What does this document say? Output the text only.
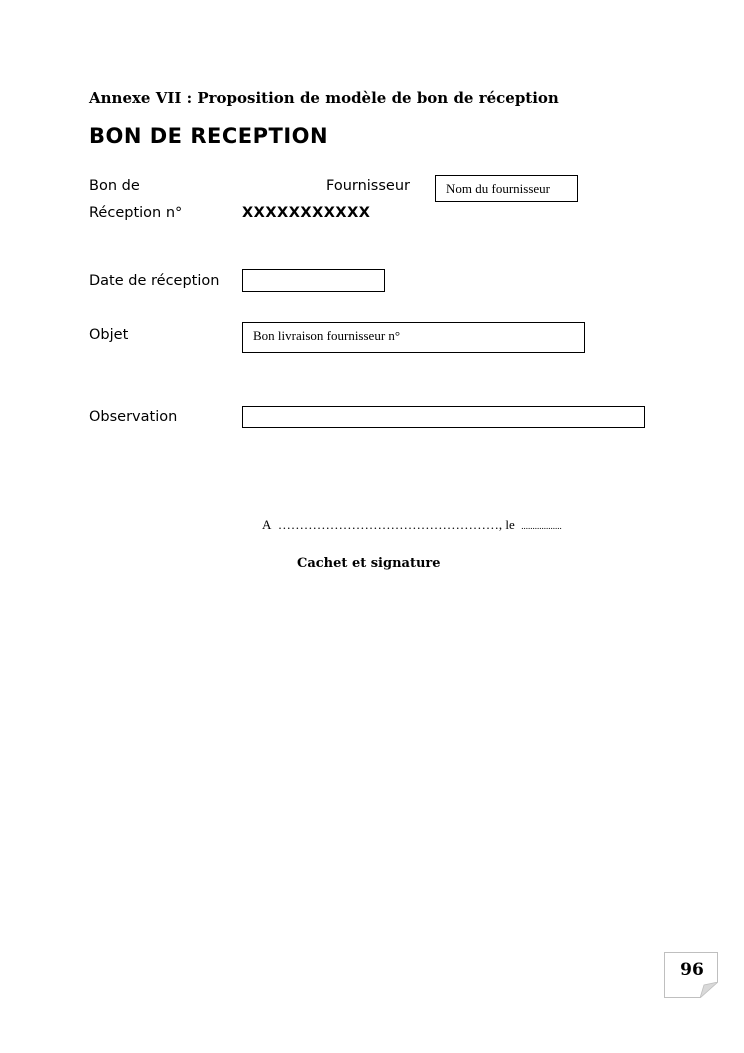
Annexe VII : Proposition de modèle de bon de réception
BON DE RECEPTION
Bon de
Réception n°	XXXXXXXXXXX
Fournisseur	Nom du fournisseur
Date de réception
Objet	Bon livraison fournisseur n°
Observation
A ……………………………………………, le ..................
Cachet et signature
96
